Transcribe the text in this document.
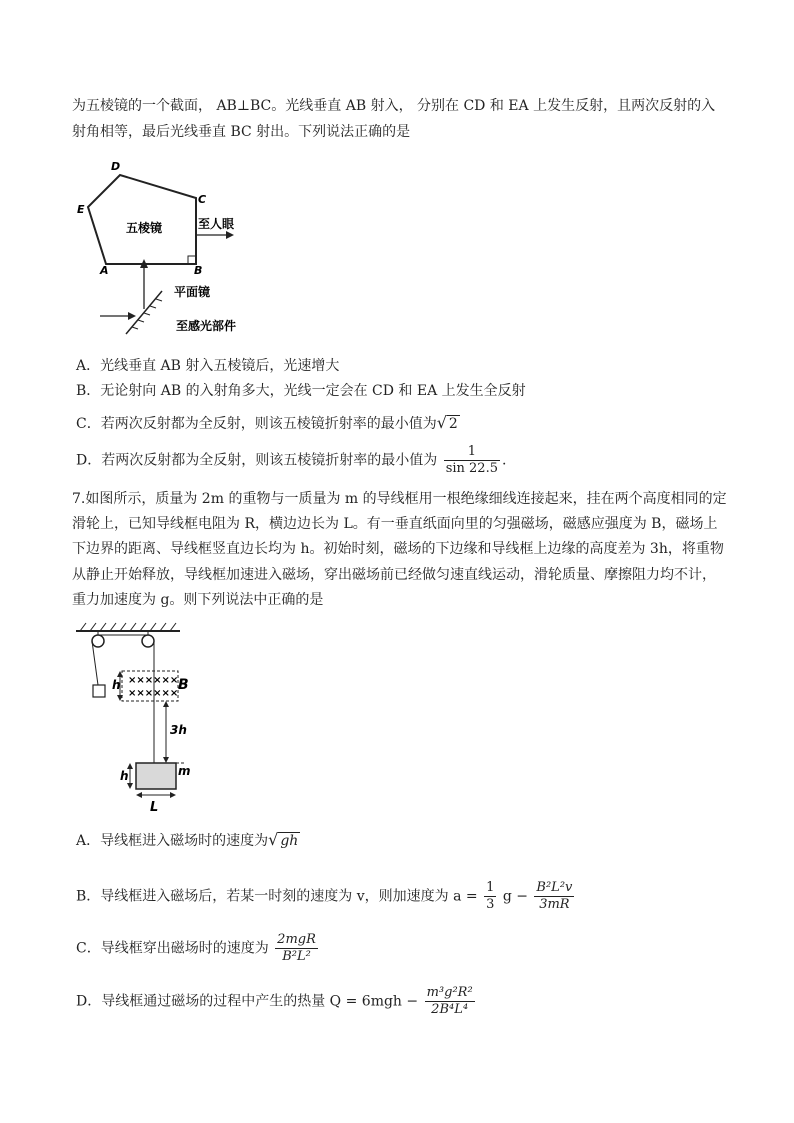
为五棱镜的一个截面， AB⊥BC。光线垂直 AB 射入， 分别在 CD 和 EA 上发生反射，且两次反射的入
射角相等，最后光线垂直 BC 射出。下列说法正确的是
D
C
E
A	B
五棱镜	至人眼
平面镜
至感光部件
A．光线垂直 AB 射入五棱镜后，光速增大
B．无论射向 AB 的入射角多大，光线一定会在 CD 和 EA 上发生全反射
C．若两次反射都为全反射，则该五棱镜折射率的最小值为√ 2
D．若两次反射都为全反射，则该五棱镜折射率的最小值为 $\frac{1}{\sin 22.5}$ .
7.如图所示，质量为 2m 的重物与一质量为 m 的导线框用一根绝缘细线连接起来，挂在两个高度相同的定
滑轮上，已知导线框电阻为 R，横边边长为 L。有一垂直纸面向里的匀强磁场，磁感应强度为 B，磁场上
下边界的距离、导线框竖直边长均为 h。初始时刻，磁场的下边缘和导线框上边缘的高度差为 3h，将重物
从静止开始释放，导线框加速进入磁场，穿出磁场前已经做匀速直线运动，滑轮质量、摩擦阻力均不计，
重力加速度为 g。则下列说法中正确的是
××××××
××××××
B
h
3h
m
h
L
A．导线框进入磁场时的速度为√ gh
B．导线框进入磁场后，若某一时刻的速度为 v，则加速度为 $a = \frac{1}{3}$ $g - \frac{\text{B²L²v}}{3mR}$
C．导线框穿出磁场时的速度为 $\frac{\text{2mgR}}{\text{B²L²}}$
D．导线框通过磁场的过程中产生的热量 $Q = 6mgh - \frac{\text{m³g²R²}}{\text{2B⁴L⁴}}$
